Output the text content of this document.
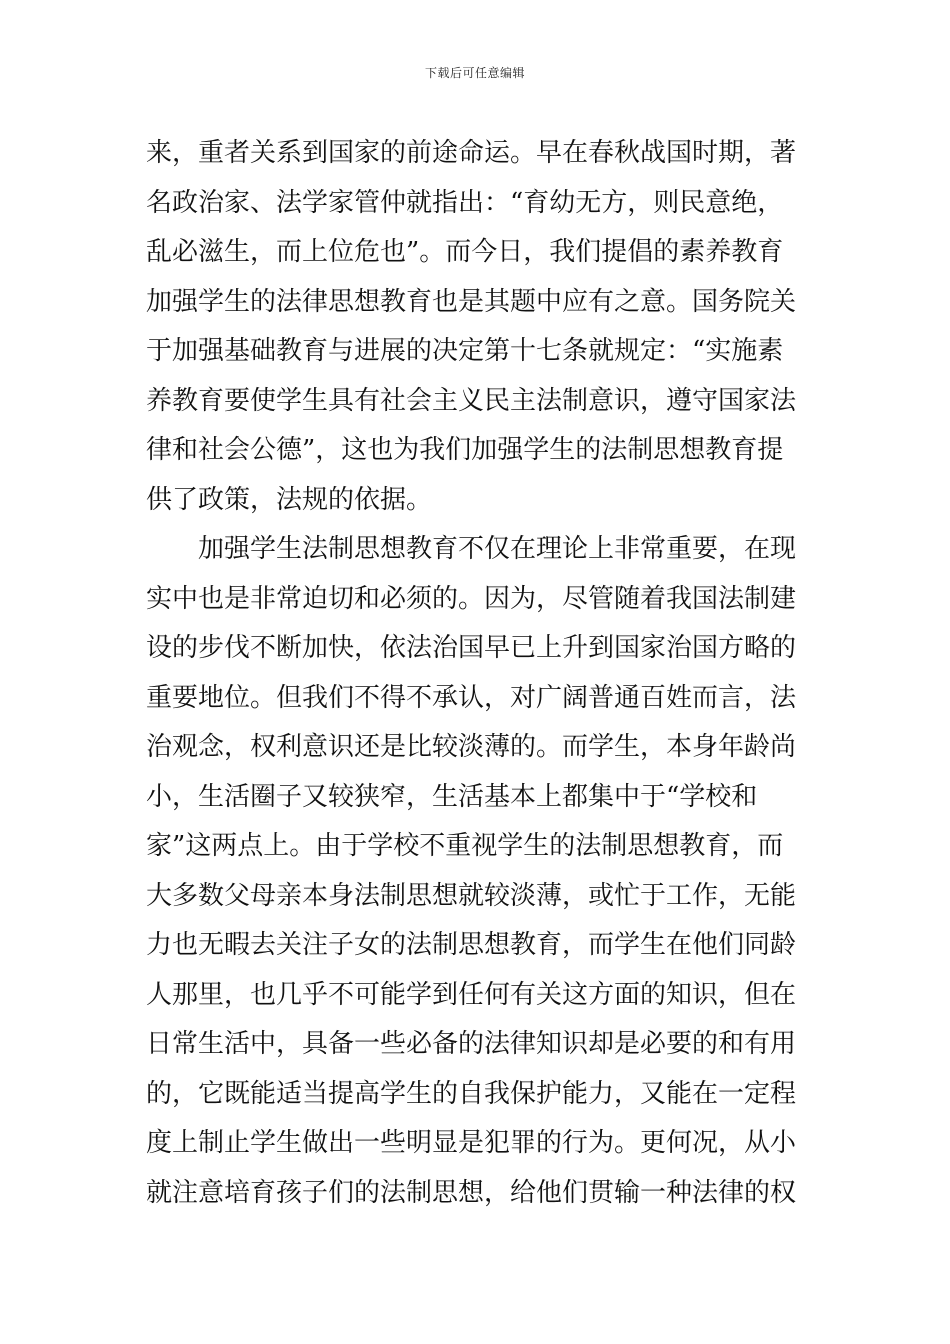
下载后可任意编辑
来，重者关系到国家的前途命运。早在春秋战国时期，著
名政治家、法学家管仲就指出：“育幼无方，则民意绝，
乱必滋生，而上位危也”。而今日，我们提倡的素养教育
加强学生的法律思想教育也是其题中应有之意。国务院关
于加强基础教育与进展的决定第十七条就规定：“实施素
养教育要使学生具有社会主义民主法制意识，遵守国家法
律和社会公德”，这也为我们加强学生的法制思想教育提
供了政策，法规的依据。
加强学生法制思想教育不仅在理论上非常重要，在现
实中也是非常迫切和必须的。因为，尽管随着我国法制建
设的步伐不断加快，依法治国早已上升到国家治国方略的
重要地位。但我们不得不承认，对广阔普通百姓而言，法
治观念，权利意识还是比较淡薄的。而学生，本身年龄尚
小，生活圈子又较狭窄，生活基本上都集中于“学校和
家”这两点上。由于学校不重视学生的法制思想教育，而
大多数父母亲本身法制思想就较淡薄，或忙于工作，无能
力也无暇去关注子女的法制思想教育，而学生在他们同龄
人那里，也几乎不可能学到任何有关这方面的知识，但在
日常生活中，具备一些必备的法律知识却是必要的和有用
的，它既能适当提高学生的自我保护能力，又能在一定程
度上制止学生做出一些明显是犯罪的行为。更何况，从小
就注意培育孩子们的法制思想，给他们贯输一种法律的权
